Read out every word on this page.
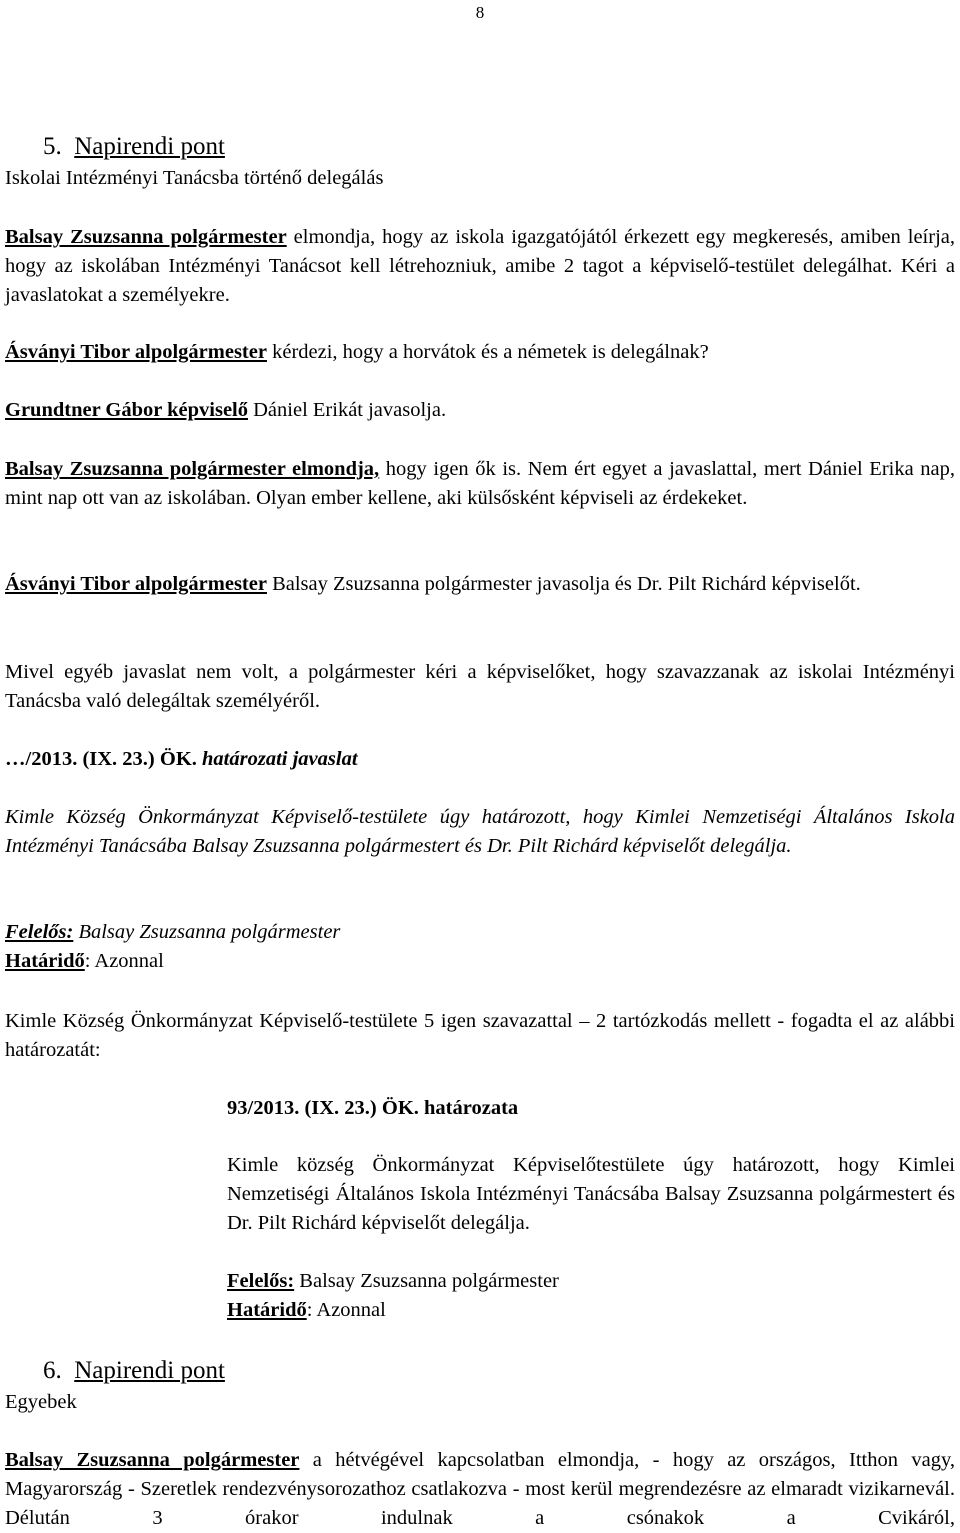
8
5. Napirendi pont

Iskolai Intézményi Tanácsba történő delegálás

Balsay Zsuzsanna polgármester elmondja, hogy az iskola igazgatójától érkezett egy megkeresés, amiben leírja, hogy az iskolában Intézményi Tanácsot kell létrehozniuk, amibe 2 tagot a képviselő-testület delegálhat. Kéri a javaslatokat a személyekre.

Ásványi Tibor alpolgármester kérdezi, hogy a horvátok és a németek is delegálnak?

Grundtner Gábor képviselő Dániel Erikát javasolja.

Balsay Zsuzsanna polgármester elmondja, hogy igen ők is. Nem ért egyet a javaslattal, mert Dániel Erika nap, mint nap ott van az iskolában. Olyan ember kellene, aki külsősként képviseli az érdekeket.

Ásványi Tibor alpolgármester Balsay Zsuzsanna polgármester javasolja és Dr. Pilt Richárd képviselőt.

Mivel egyéb javaslat nem volt, a polgármester kéri a képviselőket, hogy szavazzanak az iskolai Intézményi Tanácsba való delegáltak személyéről.

…/2013. (IX. 23.) ÖK. határozati javaslat

Kimle Község Önkormányzat Képviselő-testülete úgy határozott, hogy Kimlei Nemzetiségi Általános Iskola Intézményi Tanácsába Balsay Zsuzsanna polgármestert és Dr. Pilt Richárd képviselőt delegálja.

Felelős: Balsay Zsuzsanna polgármester

Határidő: Azonnal

Kimle Község Önkormányzat Képviselő-testülete 5 igen szavazattal – 2 tartózkodás mellett - fogadta el az alábbi határozatát:

93/2013. (IX. 23.) ÖK. határozata

Kimle község Önkormányzat Képviselőtestülete úgy határozott, hogy Kimlei Nemzetiségi Általános Iskola Intézményi Tanácsába Balsay Zsuzsanna polgármestert és Dr. Pilt Richárd képviselőt delegálja.

Felelős: Balsay Zsuzsanna polgármester

Határidő: Azonnal

6. Napirendi pont

Egyebek

Balsay Zsuzsanna polgármester a hétvégével kapcsolatban elmondja, - hogy az országos, Itthon vagy, Magyarország - Szeretlek rendezvénysorozathoz csatlakozva - most kerül megrendezésre az elmaradt vizikarnevál. Délután 3 órakor indulnak a csónakok a Cvikáról,
